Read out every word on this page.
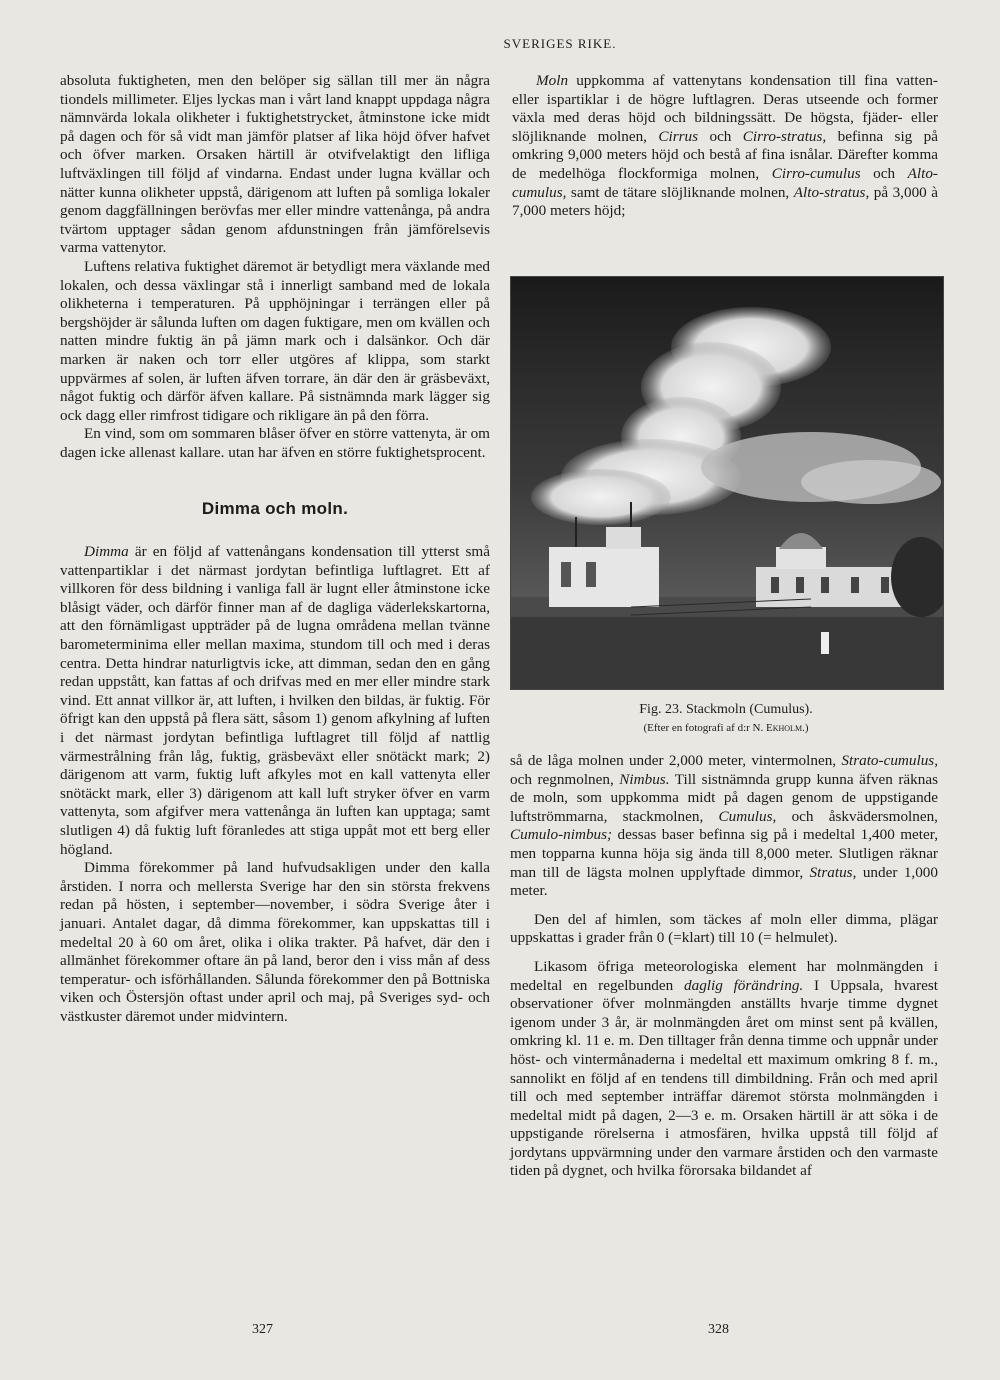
SVERIGES RIKE.

absoluta fuktigheten, men den belöper sig sällan till mer än några tiondels millimeter. Eljes lyckas man i vårt land knappt uppdaga några nämnvärda lokala olikheter i fuktighetstrycket, åtminstone icke midt på dagen och för så vidt man jämför platser af lika höjd öfver hafvet och öfver marken. Orsaken härtill är otvifvelaktigt den lifliga luftväxlingen till följd af vindarna. Endast under lugna kvällar och nätter kunna olikheter uppstå, därigenom att luften på somliga lokaler genom daggfällningen berövfas mer eller mindre vattenånga, på andra tvärtom upptager sådan genom afdunstningen från jämförelsevis varma vattenytor.

Luftens relativa fuktighet däremot är betydligt mera växlande med lokalen, och dessa växlingar stå i innerligt samband med de lokala olikheterna i temperaturen. På upphöjningar i terrängen eller på bergshöjder är sålunda luften om dagen fuktigare, men om kvällen och natten mindre fuktig än på jämn mark och i dalsänkor. Och där marken är naken och torr eller utgöres af klippa, som starkt uppvärmes af solen, är luften äfven torrare, än där den är gräsbeväxt, något fuktig och därför äfven kallare. På sistnämnda mark lägger sig ock dagg eller rimfrost tidigare och rikligare än på den förra.

En vind, som om sommaren blåser öfver en större vattenyta, är om dagen icke allenast kallare. utan har äfven en större fuktighetsprocent.

Dimma och moln.

Dimma är en följd af vattenångans kondensation till ytterst små vattenpartiklar i det närmast jordytan befintliga luftlagret. Ett af villkoren för dess bildning i vanliga fall är lugnt eller åtminstone icke blåsigt väder, och därför finner man af de dagliga väderlekskartorna, att den förnämligast uppträder på de lugna områdena mellan tvänne barometerminima eller mellan maxima, stundom till och med i deras centra. Detta hindrar naturligtvis icke, att dimman, sedan den en gång redan uppstått, kan fattas af och drifvas med en mer eller mindre stark vind. Ett annat villkor är, att luften, i hvilken den bildas, är fuktig. För öfrigt kan den uppstå på flera sätt, såsom 1) genom afkylning af luften i det närmast jordytan befintliga luftlagret till följd af nattlig värmestrålning från låg, fuktig, gräsbeväxt eller snötäckt mark; 2) därigenom att varm, fuktig luft afkyles mot en kall vattenyta eller snötäckt mark, eller 3) därigenom att kall luft stryker öfver en varm vattenyta, som afgifver mera vattenånga än luften kan upptaga; samt slutligen 4) då fuktig luft föranledes att stiga uppåt mot ett berg eller högland.

Dimma förekommer på land hufvudsakligen under den kalla årstiden. I norra och mellersta Sverige har den sin största frekvens redan på hösten, i september—november, i södra Sverige åter i januari. Antalet dagar, då dimma förekommer, kan uppskattas till i medeltal 20 à 60 om året, olika i olika trakter. På hafvet, där den i allmänhet förekommer oftare än på land, beror den i viss mån af dess temperatur- och isförhållanden. Sålunda förekommer den på Bottniska viken och Östersjön oftast under april och maj, på Sveriges syd- och västkuster däremot under midvintern.

Moln uppkomma af vattenytans kondensation till fina vatten- eller ispartiklar i de högre luftlagren. Deras utseende och former växla med deras höjd och bildningssätt. De högsta, fjäder- eller slöjliknande molnen, Cirrus och Cirro-stratus, befinna sig på omkring 9,000 meters höjd och bestå af fina isnålar. Därefter komma de medelhöga flockformiga molnen, Cirro-cumulus och Alto-cumulus, samt de tätare slöjliknande molnen, Alto-stratus, på 3,000 à 7,000 meters höjd;

Fig. 23. Stackmoln (Cumulus).
(Efter en fotografi af d:r N. Ekholm.)

så de låga molnen under 2,000 meter, vintermolnen, Strato-cumulus, och regnmolnen, Nimbus. Till sistnämnda grupp kunna äfven räknas de moln, som uppkomma midt på dagen genom de uppstigande luftströmmarna, stackmolnen, Cumulus, och åskvädersmolnen, Cumulo-nimbus; dessas baser befinna sig på i medeltal 1,400 meter, men topparna kunna höja sig ända till 8,000 meter. Slutligen räknar man till de lägsta molnen upplyftade dimmor, Stratus, under 1,000 meter.

Den del af himlen, som täckes af moln eller dimma, plägar uppskattas i grader från 0 (=klart) till 10 (= helmulet).

Likasom öfriga meteorologiska element har molnmängden i medeltal en regelbunden daglig förändring. I Uppsala, hvarest observationer öfver molnmängden anställts hvarje timme dygnet igenom under 3 år, är molnmängden året om minst sent på kvällen, omkring kl. 11 e. m. Den tilltager från denna timme och uppnår under höst- och vintermånaderna i medeltal ett maximum omkring 8 f. m., sannolikt en följd af en tendens till dimbildning. Från och med april till och med september inträffar däremot största molnmängden i medeltal midt på dagen, 2—3 e. m. Orsaken härtill är att söka i de uppstigande rörelserna i atmosfären, hvilka uppstå till följd af jordytans uppvärmning under den varmare årstiden och den varmaste tiden på dygnet, och hvilka förorsaka bildandet af

327	328
